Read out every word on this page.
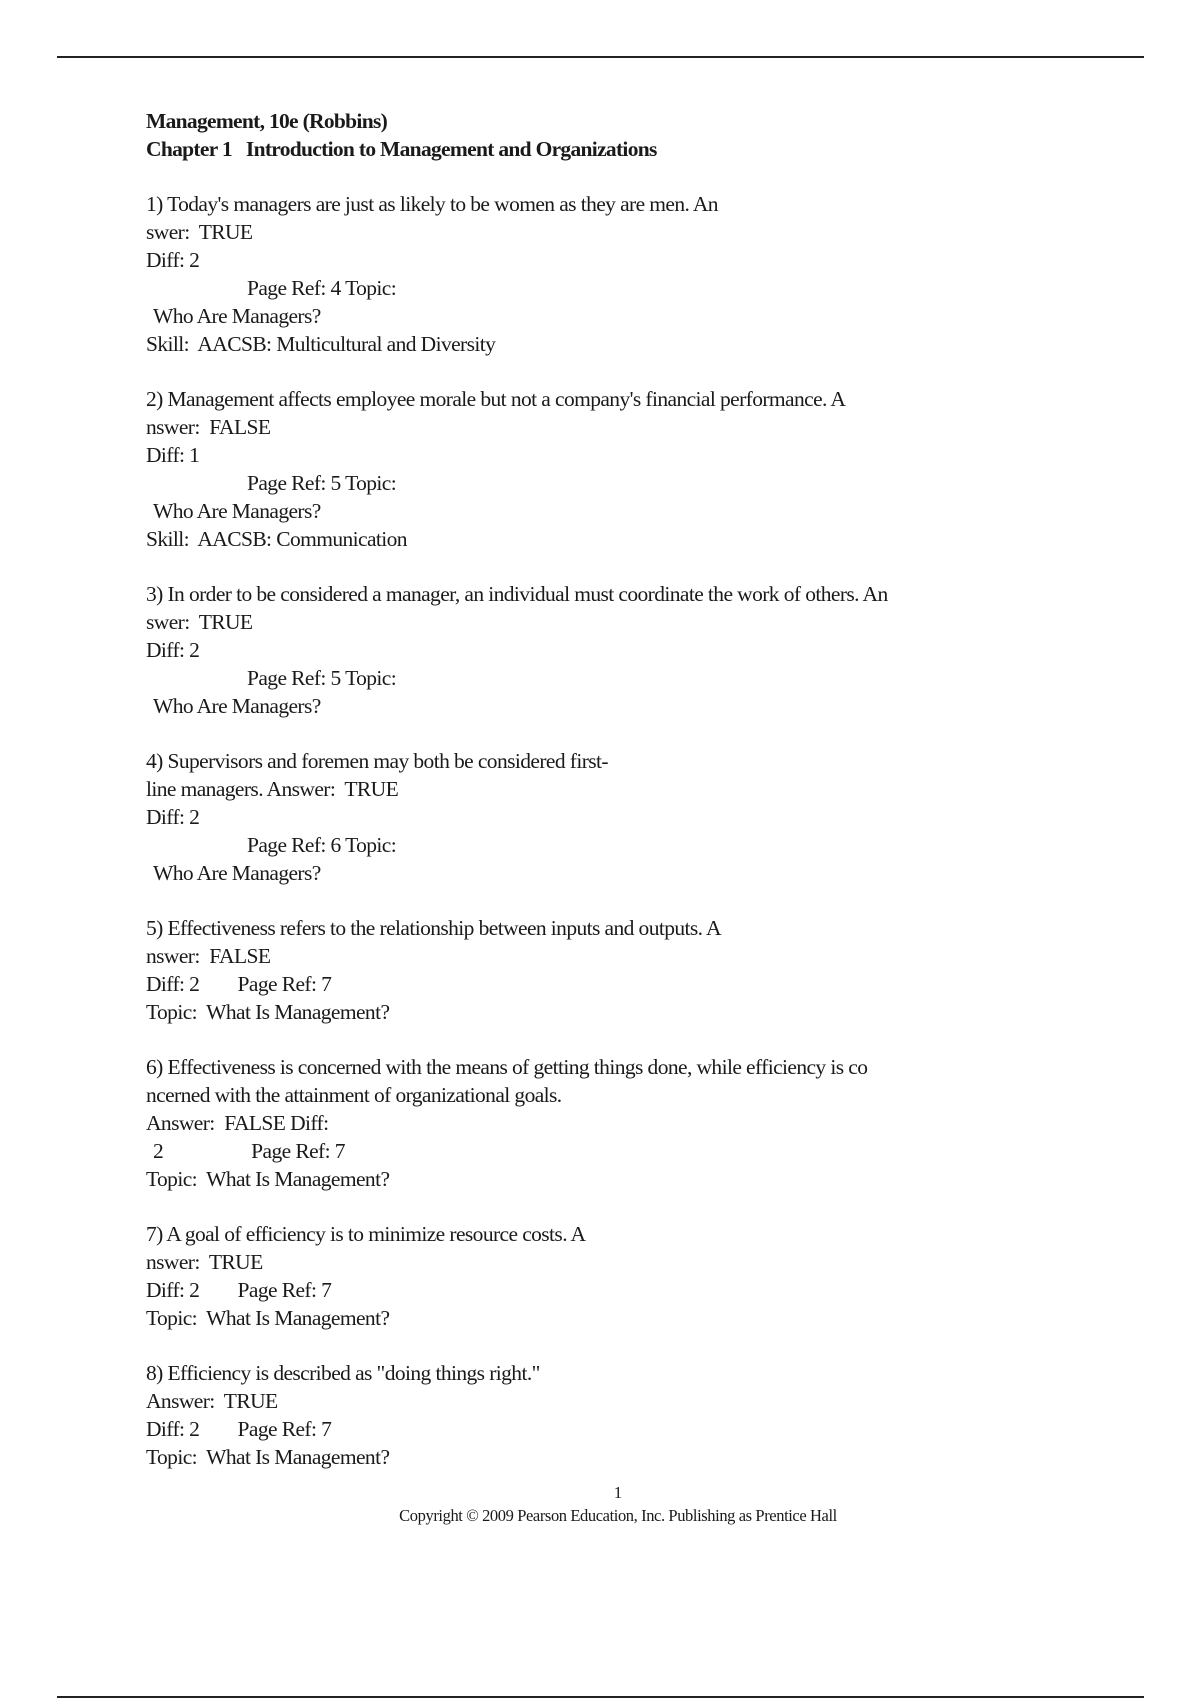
Management, 10e (Robbins)
Chapter 1   Introduction to Management and Organizations
1) Today's managers are just as likely to be women as they are men. An
swer:  TRUE
Diff: 2
Page Ref: 4 Topic:
Who Are Managers?
Skill:  AACSB: Multicultural and Diversity
2) Management affects employee morale but not a company's financial performance. A
nswer:  FALSE
Diff: 1
Page Ref: 5 Topic:
Who Are Managers?
Skill:  AACSB: Communication
3) In order to be considered a manager, an individual must coordinate the work of others. An
swer:  TRUE
Diff: 2
Page Ref: 5 Topic:
Who Are Managers?
4) Supervisors and foremen may both be considered first-
line managers. Answer:  TRUE
Diff: 2
Page Ref: 6 Topic:
Who Are Managers?
5) Effectiveness refers to the relationship between inputs and outputs. A
nswer:  FALSE
Diff: 2        Page Ref: 7
Topic:  What Is Management?
6) Effectiveness is concerned with the means of getting things done, while efficiency is co
ncerned with the attainment of organizational goals.
Answer:  FALSE Diff:
2	Page Ref: 7
Topic:  What Is Management?
7) A goal of efficiency is to minimize resource costs. A
nswer:  TRUE
Diff: 2        Page Ref: 7
Topic:  What Is Management?
8) Efficiency is described as "doing things right."
Answer:  TRUE
Diff: 2        Page Ref: 7
Topic:  What Is Management?
1
Copyright © 2009 Pearson Education, Inc. Publishing as Prentice Hall
